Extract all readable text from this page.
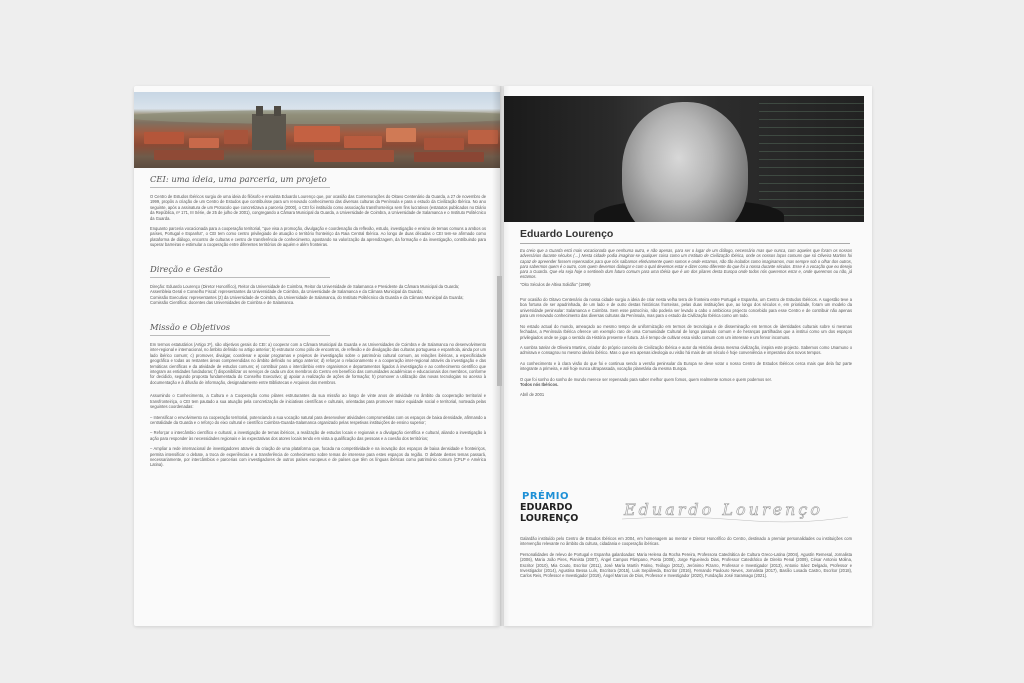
CEI: uma ideia, uma parceria, um projeto

O Centro de Estudos Ibéricos surgiu de uma ideia do filósofo e ensaísta Eduardo Lourenço que, por ocasião das Comemorações do Oitavo Centenário da Guarda, a 27 de novembro de 1999, propôs a criação de um Centro de Estudos que contribuísse para um renovado conhecimento das diversas culturas da Península e para o estudo da Civilização Ibérica. No ano seguinte, após a assinatura de um Protocolo que concretizava a parceria (2000), o CEI foi instituído como associação transfronteiriça sem fins lucrativos (estatutos publicados no Diário da República, nº 171, III Série, de 25 de julho de 2001), congregando a Câmara Municipal da Guarda, a Universidade de Coimbra, a Universidade de Salamanca e o Instituto Politécnico da Guarda.

Enquanto parceria vocacionada para a cooperação territorial, "que visa a promoção, divulgação e coordenação da reflexão, estudo, investigação e ensino de temas comuns a ambos os países, Portugal e Espanha", o CEI tem como centro privilegiado de atuação o território fronteiriço da Raia Central Ibérica. Ao longo de duas décadas o CEI tem-se afirmado como plataforma de diálogo, encontro de culturas e centro de transferência de conhecimento, apostando na valorização da aprendizagem, da formação e da investigação, contribuindo para superar barreiras e estimular a cooperação entre diferentes territórios de aquém e além fronteiras.

Direção e Gestão

Direção: Eduardo Lourenço (Diretor Honorífico), Reitor da Universidade de Coimbra, Reitor da Universidade de Salamanca e Presidente da Câmara Municipal da Guarda;

Assembleia Geral e Conselho Fiscal: representantes da Universidade de Coimbra, da Universidade de Salamanca e da Câmara Municipal da Guarda;

Comissão Executiva: representantes (2) da Universidade de Coimbra, da Universidade de Salamanca, do Instituto Politécnico da Guarda e da Câmara Municipal da Guarda;

Comissão Científica: docentes das Universidades de Coimbra e de Salamanca.

Missão e Objetivos

Em termos estatutários (Artigo 2º), são objetivos gerais do CEI: a) cooperar com a Câmara Municipal da Guarda e as Universidades de Coimbra e de Salamanca no desenvolvimento inter-regional e internacional, no âmbito definido no artigo anterior; b) estruturar como pólo de encontros, de reflexão e de divulgação das culturas portuguesa e espanhola, ainda por um lado ibérico comum; c) promover, divulgar, coordenar e apoiar programas e projetos de investigação sobre o património cultural comum, as relações ibéricas, a especificidade geográfica e todas as restantes áreas compreendidas no âmbito definido no artigo anterior; d) reforçar o relacionamento e a cooperação inter-regional através da investigação e das temáticas científicas e da atividade de estudos comuns; e) contribuir para o intercâmbio entre organismos e departamentos ligados à investigação e ao conhecimento científico que integram as entidades fundadoras; f) disponibilizar os serviços de cada um dos membros do Centro em benefício das comunidades académicas e educacionais dos membros, conforme for decidido, segundo proposta fundamentada do Conselho Executivo; g) apoiar a realização de ações de formação; h) promover a utilização das novas tecnologias no acesso à documentação e à difusão de informação, designadamente entre Bibliotecas e Arquivos dos membros.

Assumindo o Conhecimento, a Cultura e a Cooperação como pilares estruturantes da sua missão ao longo de vinte anos de atividade no âmbito da cooperação territorial e transfronteiriça, o CEI tem pautado a sua atuação pela concretização de iniciativas científicas e culturais, orientadas para promover maior equidade social e territorial, norteada pelas seguintes coordenadas:

– Intensificar o envolvimento na cooperação territorial, potenciando a sua vocação natural para desenvolver atividades comprometidas com os espaços de baixa densidade, afirmando a centralidade da Guarda e o reforço do eixo cultural e científico Coimbra-Guarda-Salamanca organizado pelas respetivas instituições de ensino superior;

– Reforçar o intercâmbio científico e cultural, a investigação de temas ibéricos, a realização de estudos locais e regionais e a divulgação científica e cultural, aliando a investigação à ação para responder às necessidades regionais e às expectativas dos atores locais tendo em vista a qualificação das pessoas e a coesão dos territórios;

– Ampliar a rede internacional de investigadores através da criação de uma plataforma que, focada na competitividade e na inovação dos espaços de baixa densidade e fronteiriços, permita intensificar o debate, a troca de experiências e a transferência de conhecimento sobre temas de interesse para estes espaços da região. O debate destes temas passará, necessariamente, por intercâmbios e parcerias com investigadores de outros países europeus e de países que têm os línguas ibéricas como património comum (CPLP e América Latina).

Eduardo Lourenço

Eu creio que a Guarda está mais vocacionada que nenhuma outra, e não apenas, para ser o lugar de um diálogo, necessário mas que nunca, com aqueles que foram os nossos adversários durante séculos (…) Nesta cidade podia imaginar-se qualquer coisa como um Instituto de Civilização Ibérica, onde os nossos laços comuns que só Oliveira Martins foi capaz de apreender fossem repensados para que nós saibamos efetivamente quem somos e onde estamos, não tão isolados como imaginamos, mas sempre sob o olhar dos outros, para sabermos quem é o outro, com quem devemos dialogar e com o qual devemos estar e dizer como diferente do que foi a nossa durante séculos. Esse é a vocação que eu desejo para a Guarda. Que ela seja hoje o sentinela dum futuro comum para uma Ibéria que é um dos pilares desta Europa onde todos nós queremos estar e, onde queremos ou não, já estamos.

"Oito Séculos de Altiva Solidão" (1999)

Por ocasião do Oitavo Centenário da nossa cidade surgiu a ideia de criar nesta velha terra de fronteira entre Portugal e Espanha, um Centro de Estudos Ibéricos. A sugestão teve a boa fortuna de ser apadrinhada, de um lado e de outro destas históricas fronteiras, pelas duas instituições que, ao longo dos séculos e, em prioridade, foram um modelo da universidade peninsular: Salamanca e Coimbra. Sem esse patrocínio, não poderia ser levado a cabo o ambicioso projecto concebido para esse Centro e de contribuir não apenas para um renovado conhecimento das diversas culturas da Península, mas para o estudo da Civilização Ibérica como um todo.

No estado actual do mundo, ameaçado ao mesmo tempo de uniformização em termos de tecnologia e de disseminação em termos de identidades culturais sobre si mesmas fechadas, a Península Ibérica oferece um exemplo raro de uma Comunidade Cultural de longo passado comum e de heranças partilhadas que a institui como um dos espaços privilegiados onde se joga o sentido da História presente e futura. Já é tempo de cultivar essa visão comum com um interesse e um fervor incomuns.

A sombra tutelar de Oliveira Martins, criador do próprio conceito de Civilização Ibérica e autor da História dessa mesma civilização, inspira este projecto. Sabemos como Unamuno o admirava e consagrou no mesmo ideário ibérico. Mas o que era apenas ideologia ou visão há mais de um século é hoje conveniência e imperativo dos novos tempos.

Ao conhecimento e à clara visão do que foi e continua sendo a versão peninsular da Europa se deve votar o nosso Centro de Estudos Ibéricos cerca mais que dela faz parte integrante a primeira, e até hoje nunca ultrapassada, vocação planetária da mesma Europa.

O que foi sonho do sonho de mundo merece ser repensado para saber melhor quem fomos, quem realmente somos e quem podemos ser.

Todos nós Ibéricos.

Abril de 2001

PRÉMIO
EDUARDO
LOURENÇO	Eduardo Lourenço

Galardão instituído pelo Centro de Estudos Ibéricos em 2004, em homenagem ao mentor e Diretor Honorífico do Centro, destinado a premiar personalidades ou instituições com intervenção relevante no âmbito da cultura, cidadania e cooperação ibéricas.

Personalidades de relevo de Portugal e Espanha galardoadas: Maria Helena da Rocha Pereira, Professora Catedrática de Cultura Greco-Latina (2004), Agustín Remesal, Jornalista (2006), Maria João Pires, Pianista (2007), Ángel Campos Pámpano, Poeta (2008), Jorge Figueiredo Dias, Professor Catedrático de Direito Penal (2009), César Antonio Molina, Escritor (2010), Mia Couto, Escritor (2011), José María Martín Patino, Teólogo (2012), Jerónimo Pizarro, Professor e Investigador (2013), Antonio Sáez Delgado, Professor e Investigador (2014), Agustina Bessa Luís, Escritora (2015), Luis Sepúlveda, Escritor (2016), Fernando Paulouro Neves, Jornalista (2017), Basílio Losada Castro, Escritor (2018), Carlos Reis, Professor e Investigador (2019), Ángel Marcos de Dios, Professor e Investigador (2020), Fundação José Saramago (2021).
